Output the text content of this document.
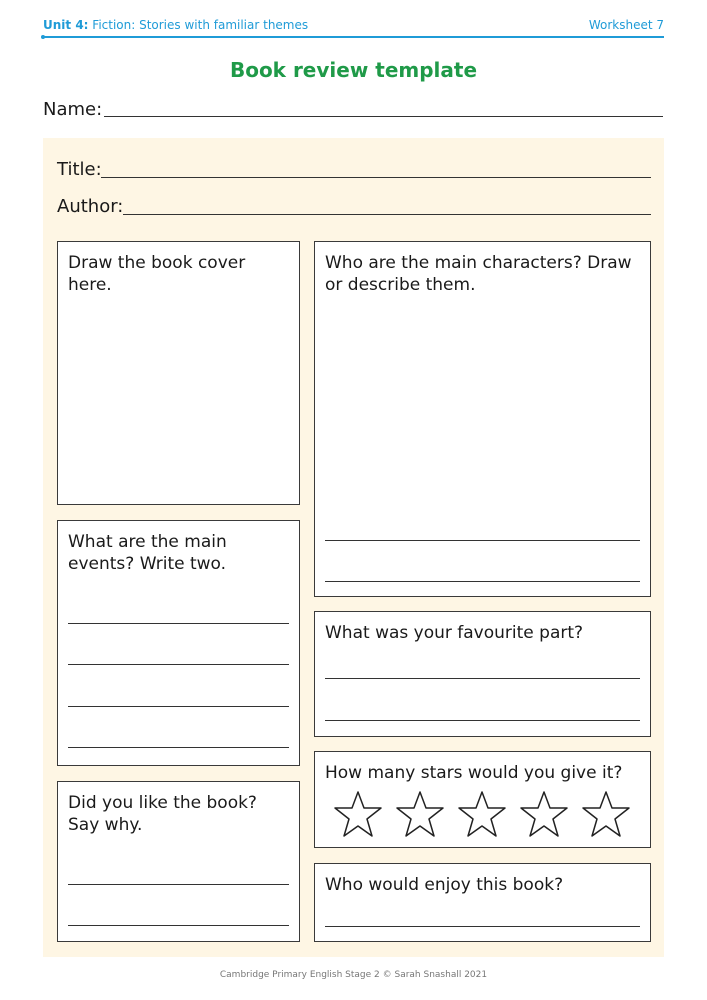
Unit 4: Fiction: Stories with familiar themes	Worksheet 7
Book review template
Name:
Title:
Author:
Draw the book cover here.
Who are the main characters? Draw or describe them.
What are the main events? Write two.
What was your favourite part?
How many stars would you give it?
Did you like the book? Say why.
Who would enjoy this book?
Cambridge Primary English Stage 2 © Sarah Snashall 2021
